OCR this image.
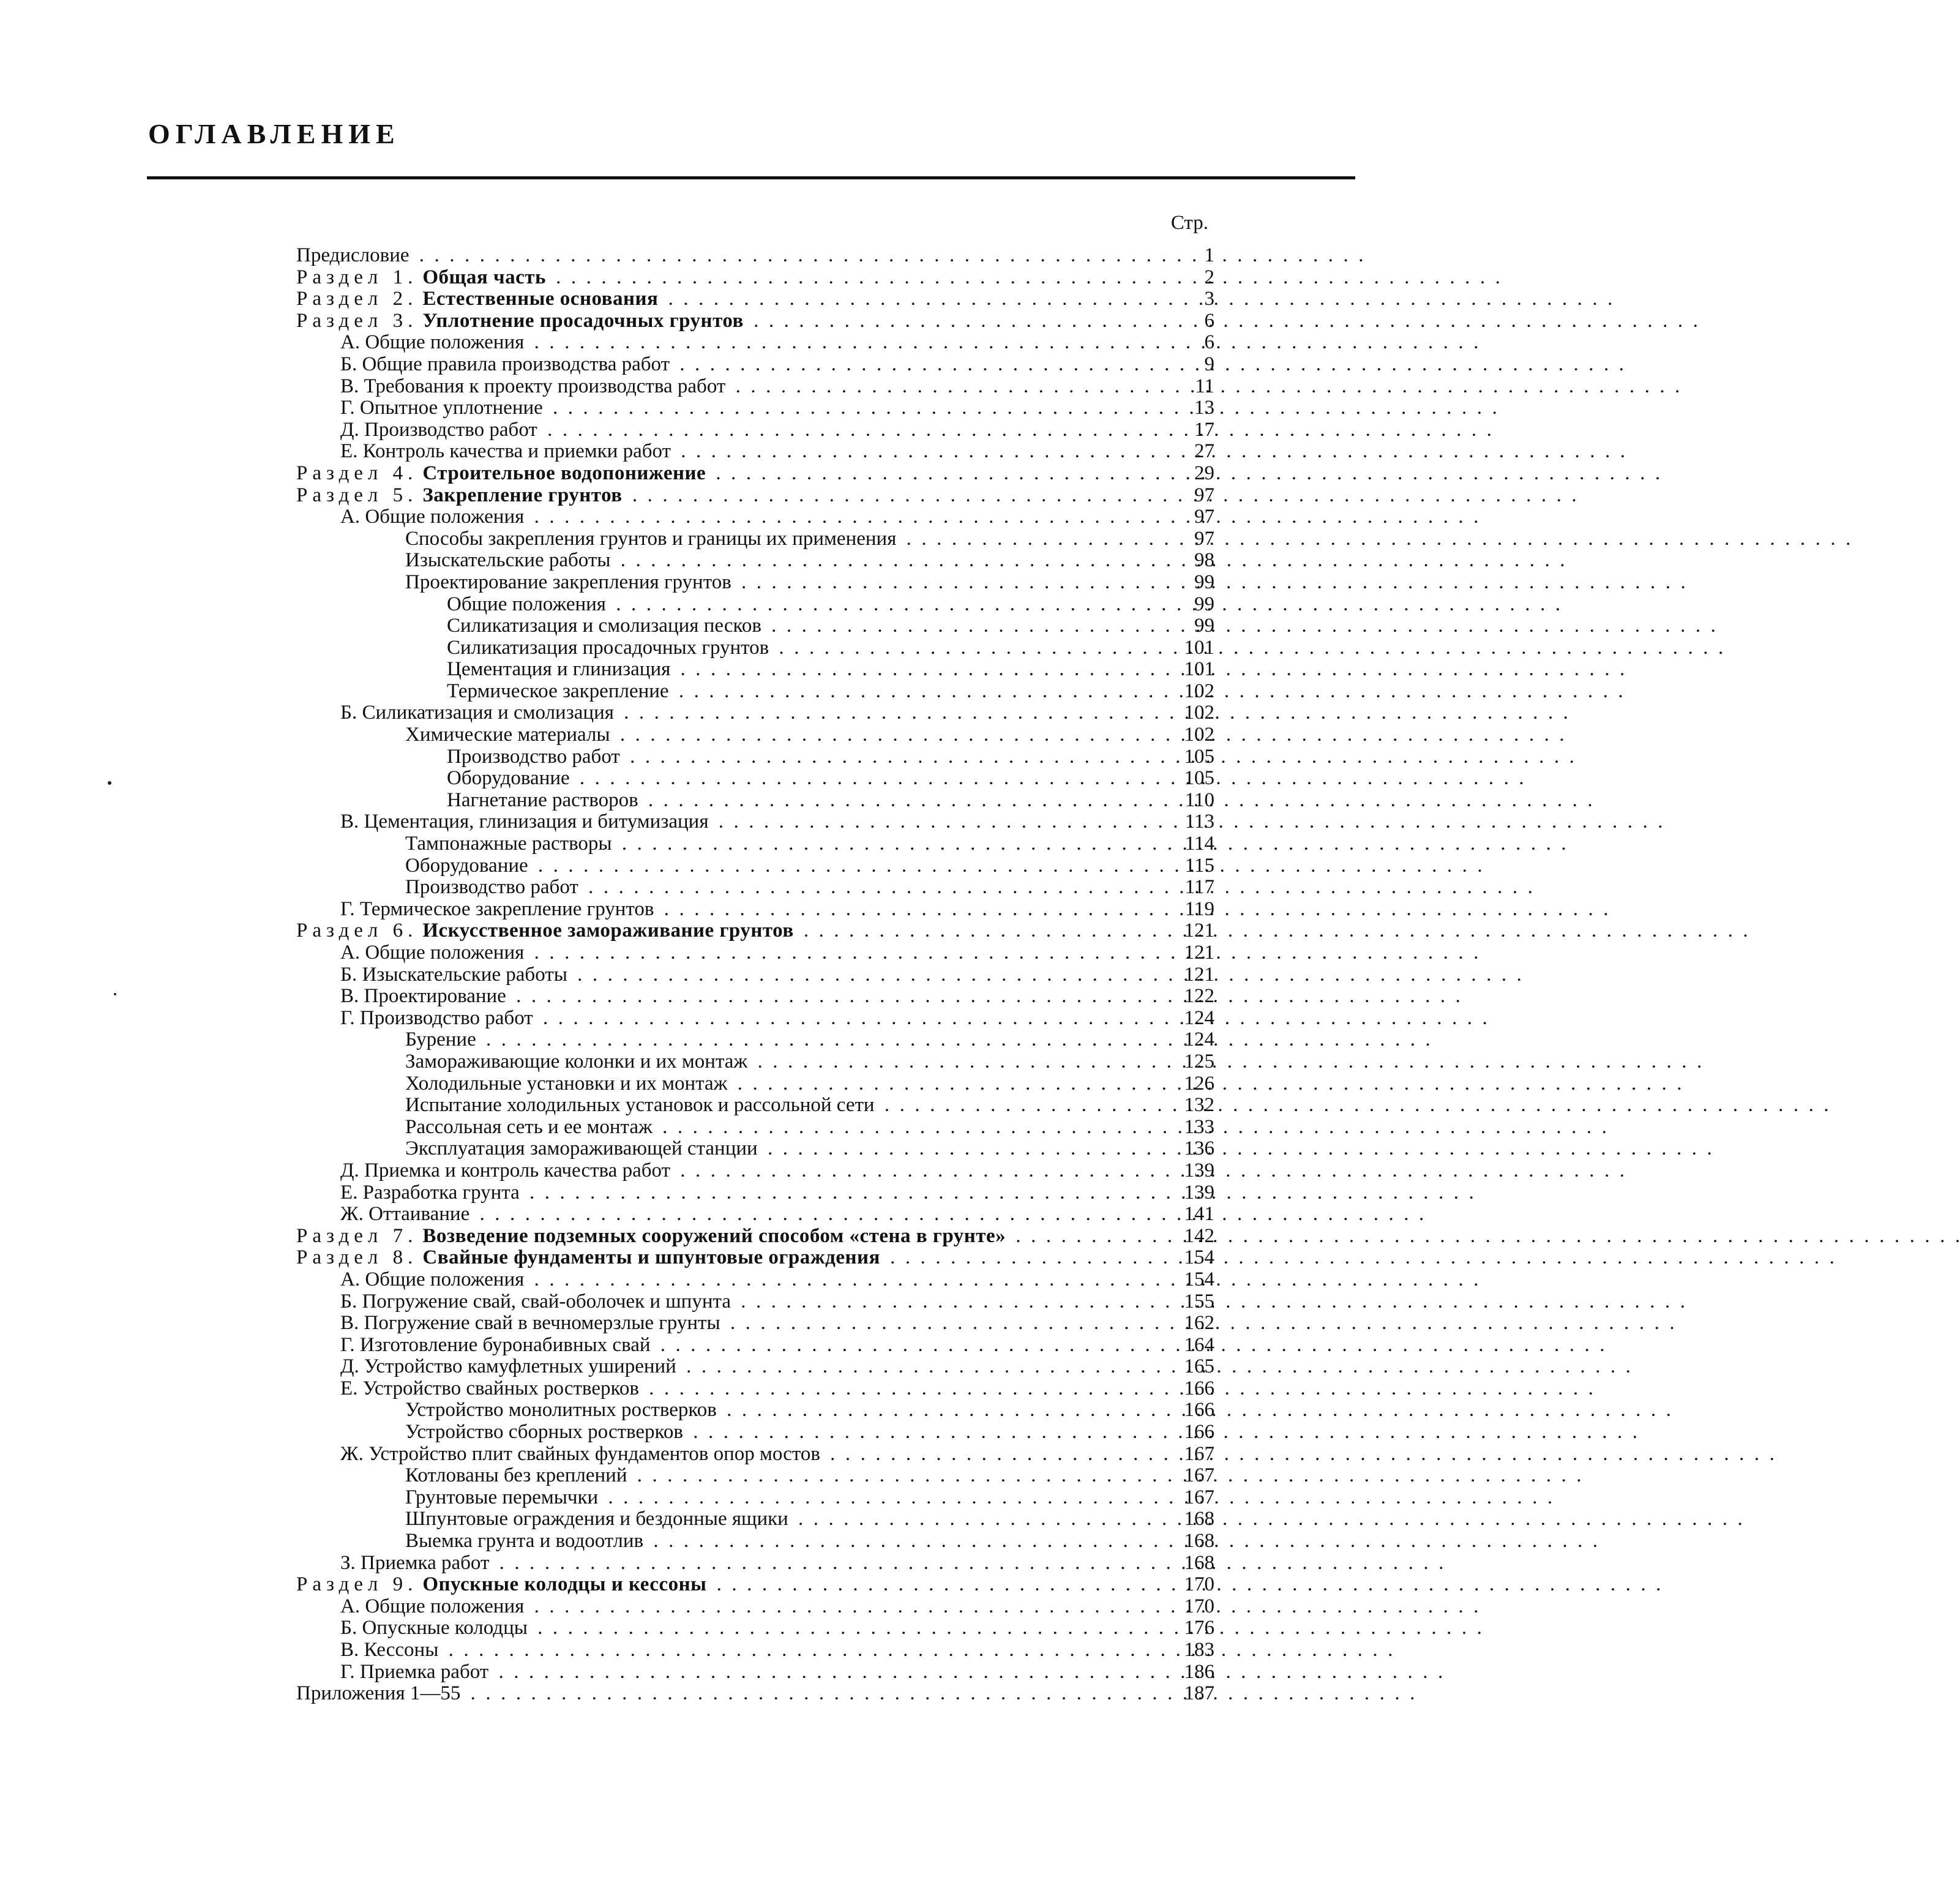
ОГЛАВЛЕНИЕ
Стр.
Предисловие . .	1
Раздел 1. Общая часть . .	2
Раздел 2. Естественные основания . .	3
Раздел 3. Уплотнение просадочных грунтов . .	6
А. Общие положения . .	6
Б. Общие правила производства работ . .	9
В. Требования к проекту производства работ . .	11
Г. Опытное уплотнение . .	13
Д. Производство работ . .	17
Е. Контроль качества и приемки работ . .	27
Раздел 4. Строительное водопонижение . .	29
Раздел 5. Закрепление грунтов . .	97
А. Общие положения . .	97
Способы закрепления грунтов и границы их применения . .	97
Изыскательские работы . .	98
Проектирование закрепления грунтов . .	99
Общие положения . .	99
Силикатизация и смолизация песков . .	99
Силикатизация просадочных грунтов . .	101
Цементация и глинизация . .	101
Термическое закрепление . .	102
Б. Силикатизация и смолизация . .	102
Химические материалы . .	102
Производство работ . .	105
Оборудование . .	105
Нагнетание растворов . .	110
В. Цементация, глинизация и битумизация . .	113
Тампонажные растворы . .	114
Оборудование . .	115
Производство работ . .	117
Г. Термическое закрепление грунтов . .	119
Раздел 6. Искусственное замораживание грунтов . .	121
А. Общие положения . .	121
Б. Изыскательские работы . .	121
В. Проектирование . .	122
Г. Производство работ . .	124
Бурение . .	124
Замораживающие колонки и их монтаж . .	125
Холодильные установки и их монтаж . .	126
Испытание холодильных установок и рассольной сети . .	132
Рассольная сеть и ее монтаж . .	133
Эксплуатация замораживающей станции . .	136
Д. Приемка и контроль качества работ . .	139
Е. Разработка грунта . .	139
Ж. Оттаивание . .	141
Раздел 7. Возведение подземных сооружений способом «стена в грунте» . .	142
Раздел 8. Свайные фундаменты и шпунтовые ограждения . .	154
А. Общие положения . .	154
Б. Погружение свай, свай-оболочек и шпунта . .	155
В. Погружение свай в вечномерзлые грунты . .	162
Г. Изготовление буронабивных свай . .	164
Д. Устройство камуфлетных уширений . .	165
Е. Устройство свайных ростверков . .	166
Устройство монолитных ростверков . .	166
Устройство сборных ростверков . .	166
Ж. Устройство плит свайных фундаментов опор мостов . .	167
Котлованы без креплений . .	167
Грунтовые перемычки . .	167
Шпунтовые ограждения и бездонные ящики . .	168
Выемка грунта и водоотлив . .	168
З. Приемка работ . .	168
Раздел 9. Опускные колодцы и кессоны . .	170
А. Общие положения . .	170
Б. Опускные колодцы . .	176
В. Кессоны . .	183
Г. Приемка работ . .	186
Приложения 1—55 . .	187
